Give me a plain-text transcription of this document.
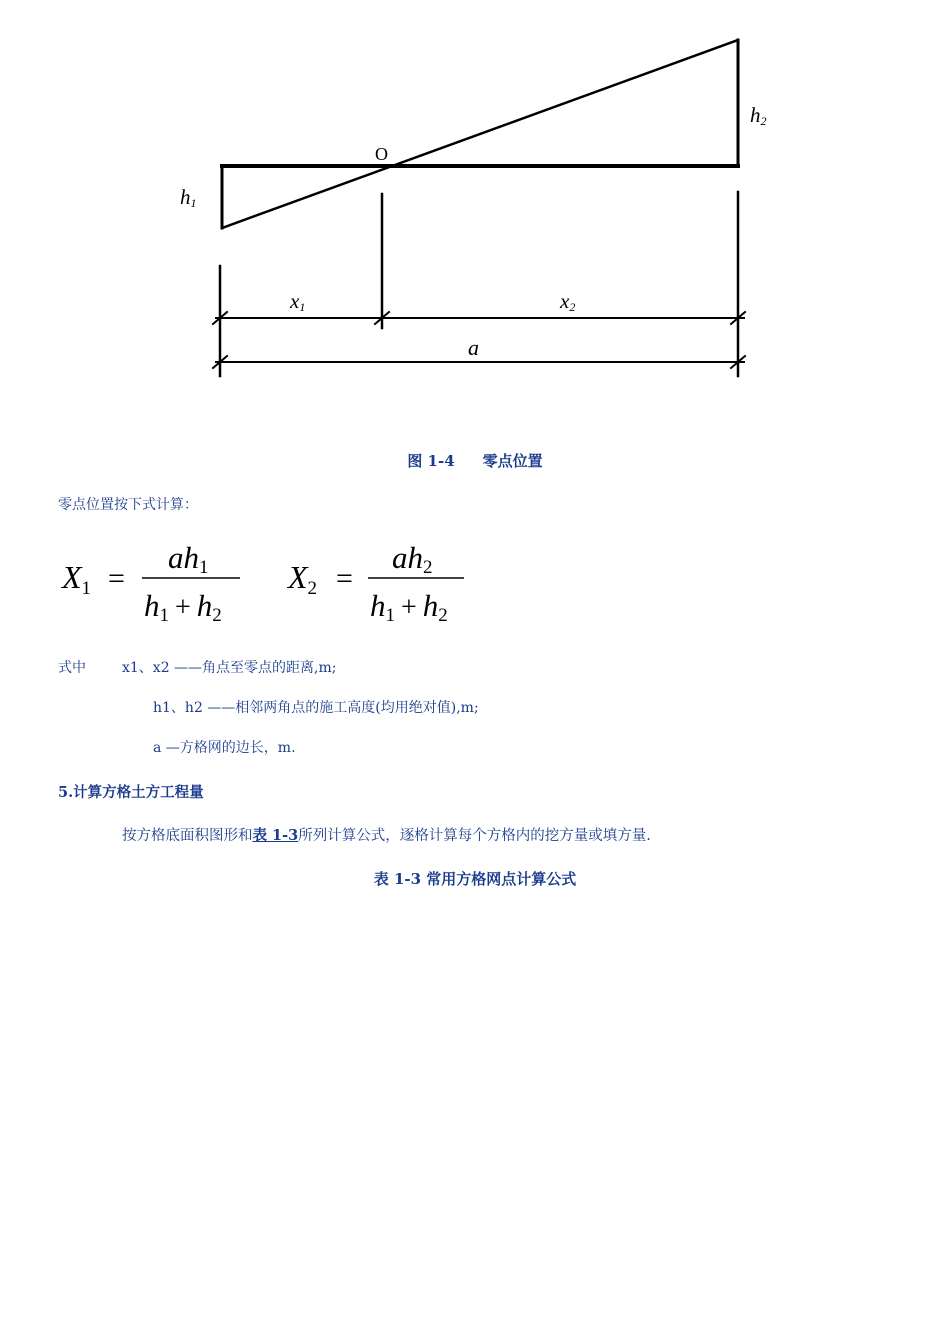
O
h1
h2
x1	x2
a
图 1-4 零点位置
零点位置按下式计算：
X1 =
ah1
h1 + h2
X2 =
ah2
h1 + h2
式中	x1、x2 ——角点至零点的距离,m;
h1、h2 ——相邻两角点的施工高度(均用绝对值),m;
a —方格网的边长，m.
5.计算方格土方工程量
按方格底面积图形和表 1-3所列计算公式，逐格计算每个方格内的挖方量或填方量.
表 1-3 常用方格网点计算公式
